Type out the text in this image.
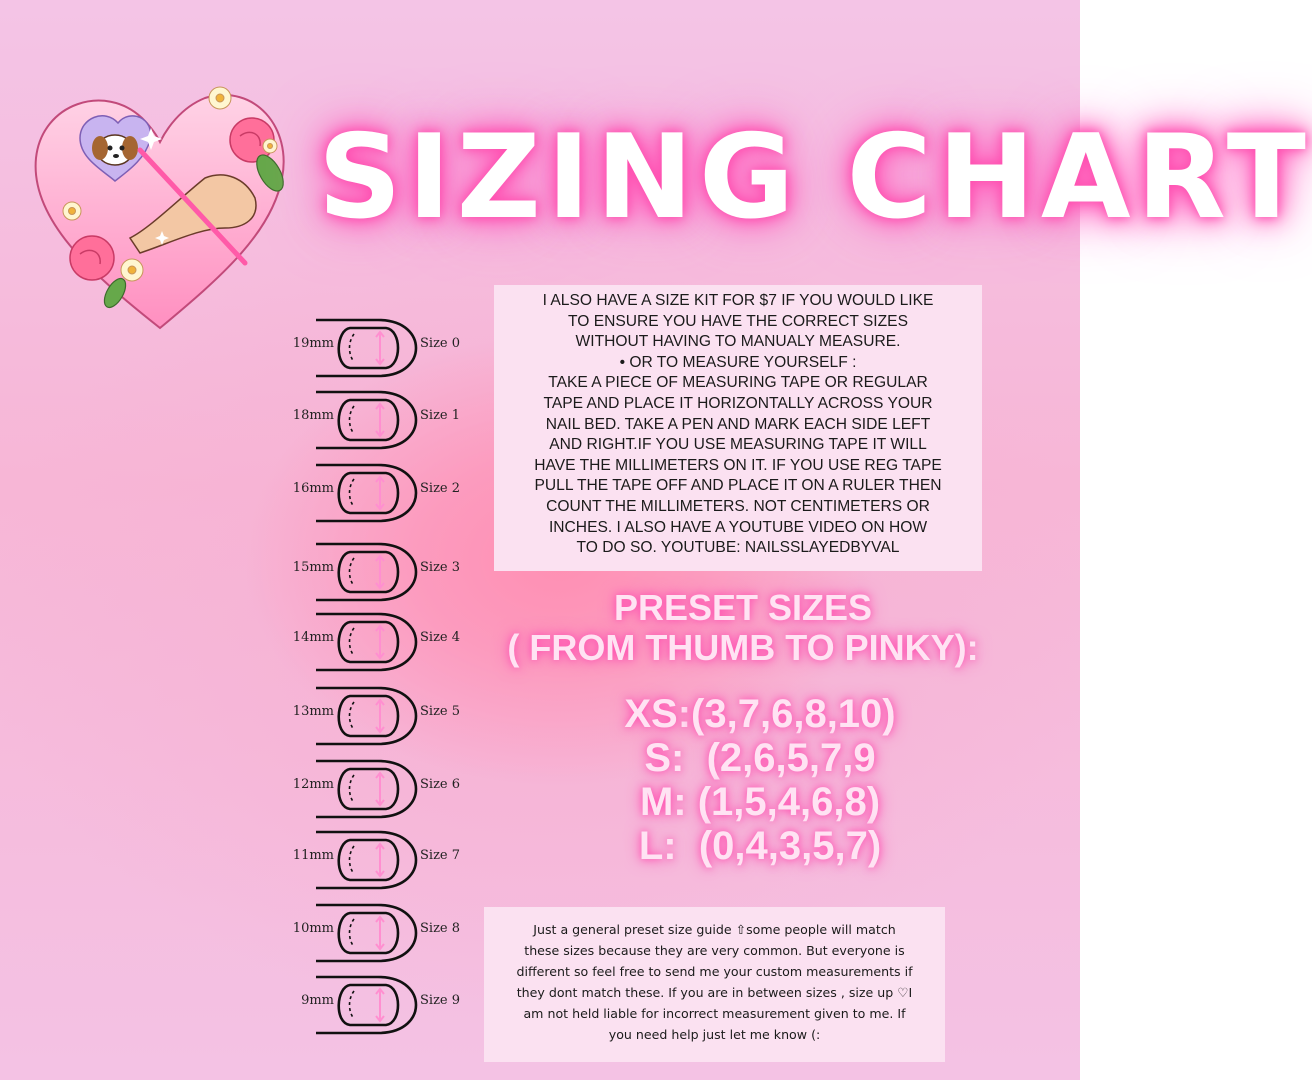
SIZING CHART
19mm	Size 0
18mm	Size 1
16mm	Size 2
15mm	Size 3
14mm	Size 4
13mm	Size 5
12mm	Size 6
11mm	Size 7
10mm	Size 8
9mm	Size 9
I ALSO HAVE A SIZE KIT FOR $7 IF YOU WOULD LIKE
TO ENSURE YOU HAVE THE CORRECT SIZES
WITHOUT HAVING TO MANUALY MEASURE.
• OR TO MEASURE YOURSELF :
TAKE A PIECE OF MEASURING TAPE OR REGULAR
TAPE AND PLACE IT HORIZONTALLY ACROSS YOUR
NAIL BED. TAKE A PEN AND MARK EACH SIDE LEFT
AND RIGHT.IF YOU USE MEASURING TAPE IT WILL
HAVE THE MILLIMETERS ON IT. IF YOU USE REG TAPE
PULL THE TAPE OFF AND PLACE IT ON A RULER THEN
COUNT THE MILLIMETERS. NOT CENTIMETERS OR
INCHES. I ALSO HAVE A YOUTUBE VIDEO ON HOW
TO DO SO. YOUTUBE: NAILSSLAYEDBYVAL
PRESET SIZES
( FROM THUMB TO PINKY):
XS: (3,7,6,8,10)
S: (2,6,5,7,9
M: (1,5,4,6,8)
L: (0,4,3,5,7)
Just a general preset size guide ⇧some people will match
these sizes because they are very common. But everyone is
different so feel free to send me your custom measurements if
they dont match these. If you are in between sizes , size up ♡I
am not held liable for incorrect measurement given to me. If
you need help just let me know (:
